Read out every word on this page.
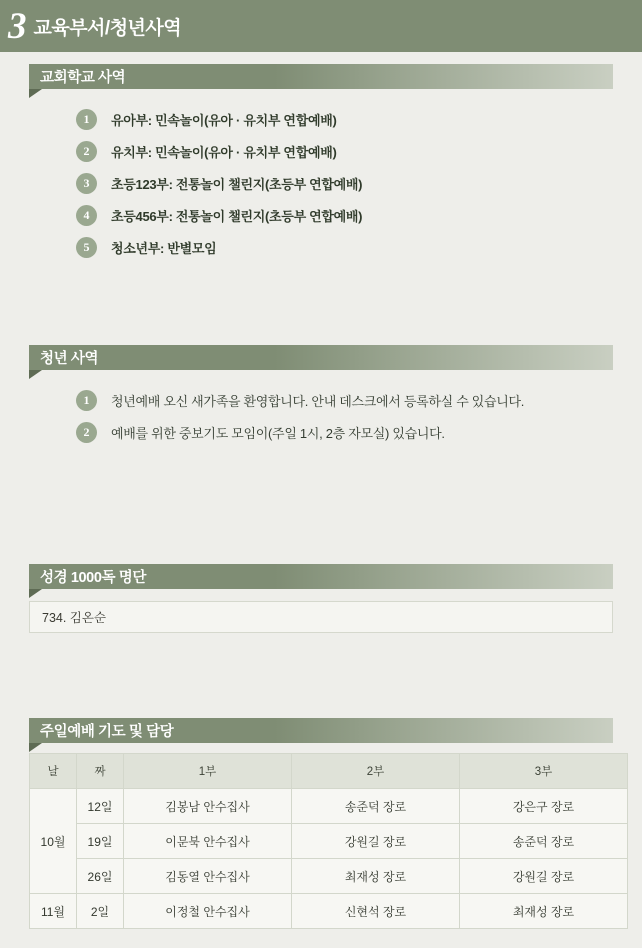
3 교육부서/청년사역
교회학교 사역
1	유아부: 민속놀이(유아 · 유치부 연합예배)
2	유치부: 민속놀이(유아 · 유치부 연합예배)
3	초등123부: 전통놀이 챌린지(초등부 연합예배)
4	초등456부: 전통놀이 챌린지(초등부 연합예배)
5	청소년부: 반별모임
청년 사역
1	청년예배 오신 새가족을 환영합니다. 안내 데스크에서 등록하실 수 있습니다.
2	예배를 위한 중보기도 모임이(주일 1시, 2층 자모실) 있습니다.
성경 1000독 명단
734. 김온순
주일예배 기도 및 담당
날	짜	1부	2부	3부
10월	12일	김봉남 안수집사	송준덕 장로	강은구 장로
	19일	이문북 안수집사	강원길 장로	송준덕 장로
	26일	김동열 안수집사	최재성 장로	강원길 장로
11월	2일	이정철 안수집사	신현석 장로	최재성 장로
